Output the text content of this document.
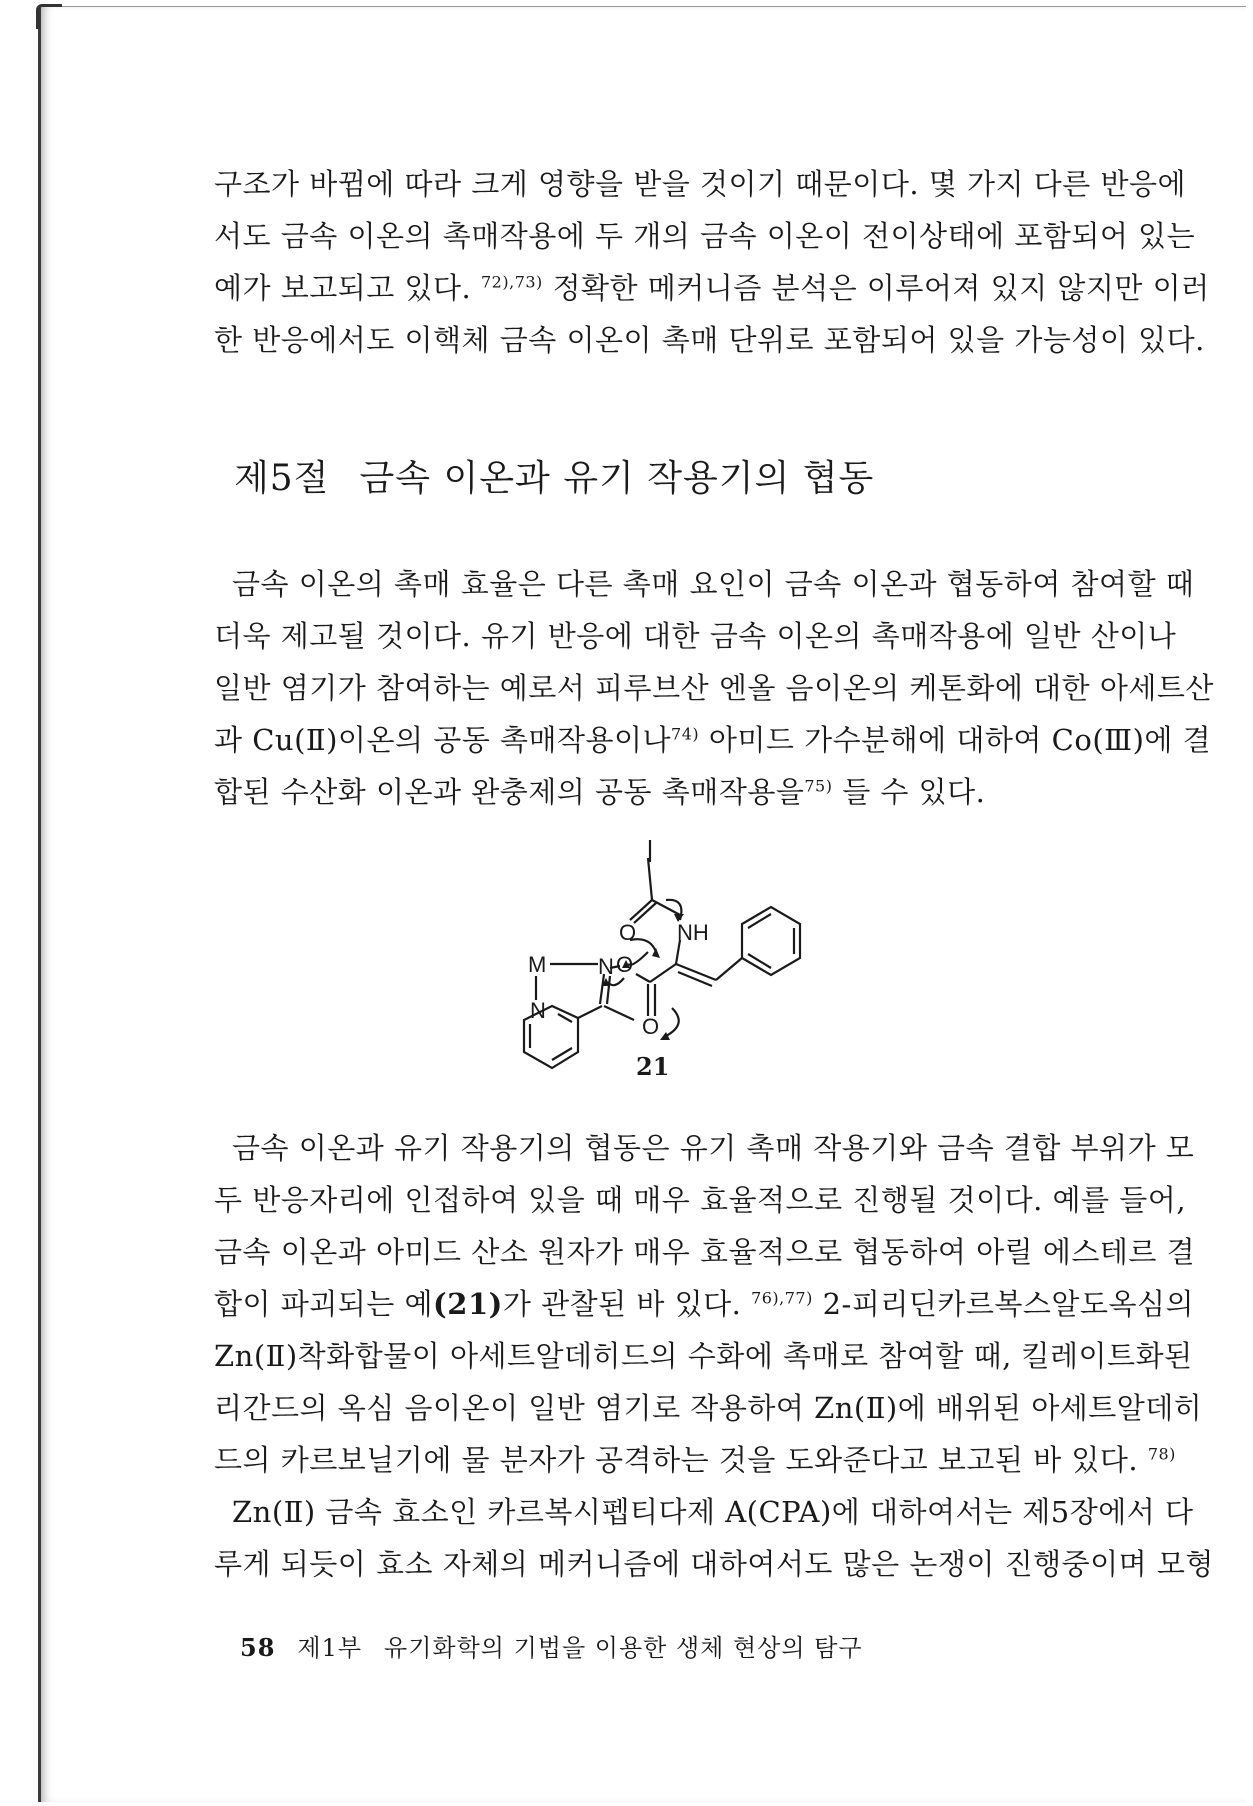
구조가 바뀜에 따라 크게 영향을 받을 것이기 때문이다. 몇 가지 다른 반응에
서도 금속 이온의 촉매작용에 두 개의 금속 이온이 전이상태에 포함되어 있는
예가 보고되고 있다. $^{72),73)}$ 정확한 메커니즘 분석은 이루어져 있지 않지만 이러
한 반응에서도 이핵체 금속 이온이 촉매 단위로 포함되어 있을 가능성이 있다.
제5절 금속 이온과 유기 작용기의 협동
금속 이온의 촉매 효율은 다른 촉매 요인이 금속 이온과 협동하여 참여할 때
더욱 제고될 것이다. 유기 반응에 대한 금속 이온의 촉매작용에 일반 산이나
일반 염기가 참여하는 예로서 피루브산 엔올 음이온의 케톤화에 대한 아세트산
과 Cu(Ⅱ)이온의 공동 촉매작용이나$^{74)}$ 아미드 가수분해에 대하여 Co(Ⅲ)에 결
합된 수산화 이온과 완충제의 공동 촉매작용을$^{75)}$ 들 수 있다.
O NH
M N O
O
N
21
금속 이온과 유기 작용기의 협동은 유기 촉매 작용기와 금속 결합 부위가 모
두 반응자리에 인접하여 있을 때 매우 효율적으로 진행될 것이다. 예를 들어,
금속 이온과 아미드 산소 원자가 매우 효율적으로 협동하여 아릴 에스테르 결
합이 파괴되는 예(21)가 관찰된 바 있다. $^{76),77)}$ 2-피리딘카르복스알도옥심의
Zn(Ⅱ)착화합물이 아세트알데히드의 수화에 촉매로 참여할 때, 킬레이트화된
리간드의 옥심 음이온이 일반 염기로 작용하여 Zn(Ⅱ)에 배위된 아세트알데히
드의 카르보닐기에 물 분자가 공격하는 것을 도와준다고 보고된 바 있다. $^{78)}$
Zn(Ⅱ) 금속 효소인 카르복시펩티다제 A(CPA)에 대하여서는 제5장에서 다
루게 되듯이 효소 자체의 메커니즘에 대하여서도 많은 논쟁이 진행중이며 모형
58 제1부 유기화학의 기법을 이용한 생체 현상의 탐구
